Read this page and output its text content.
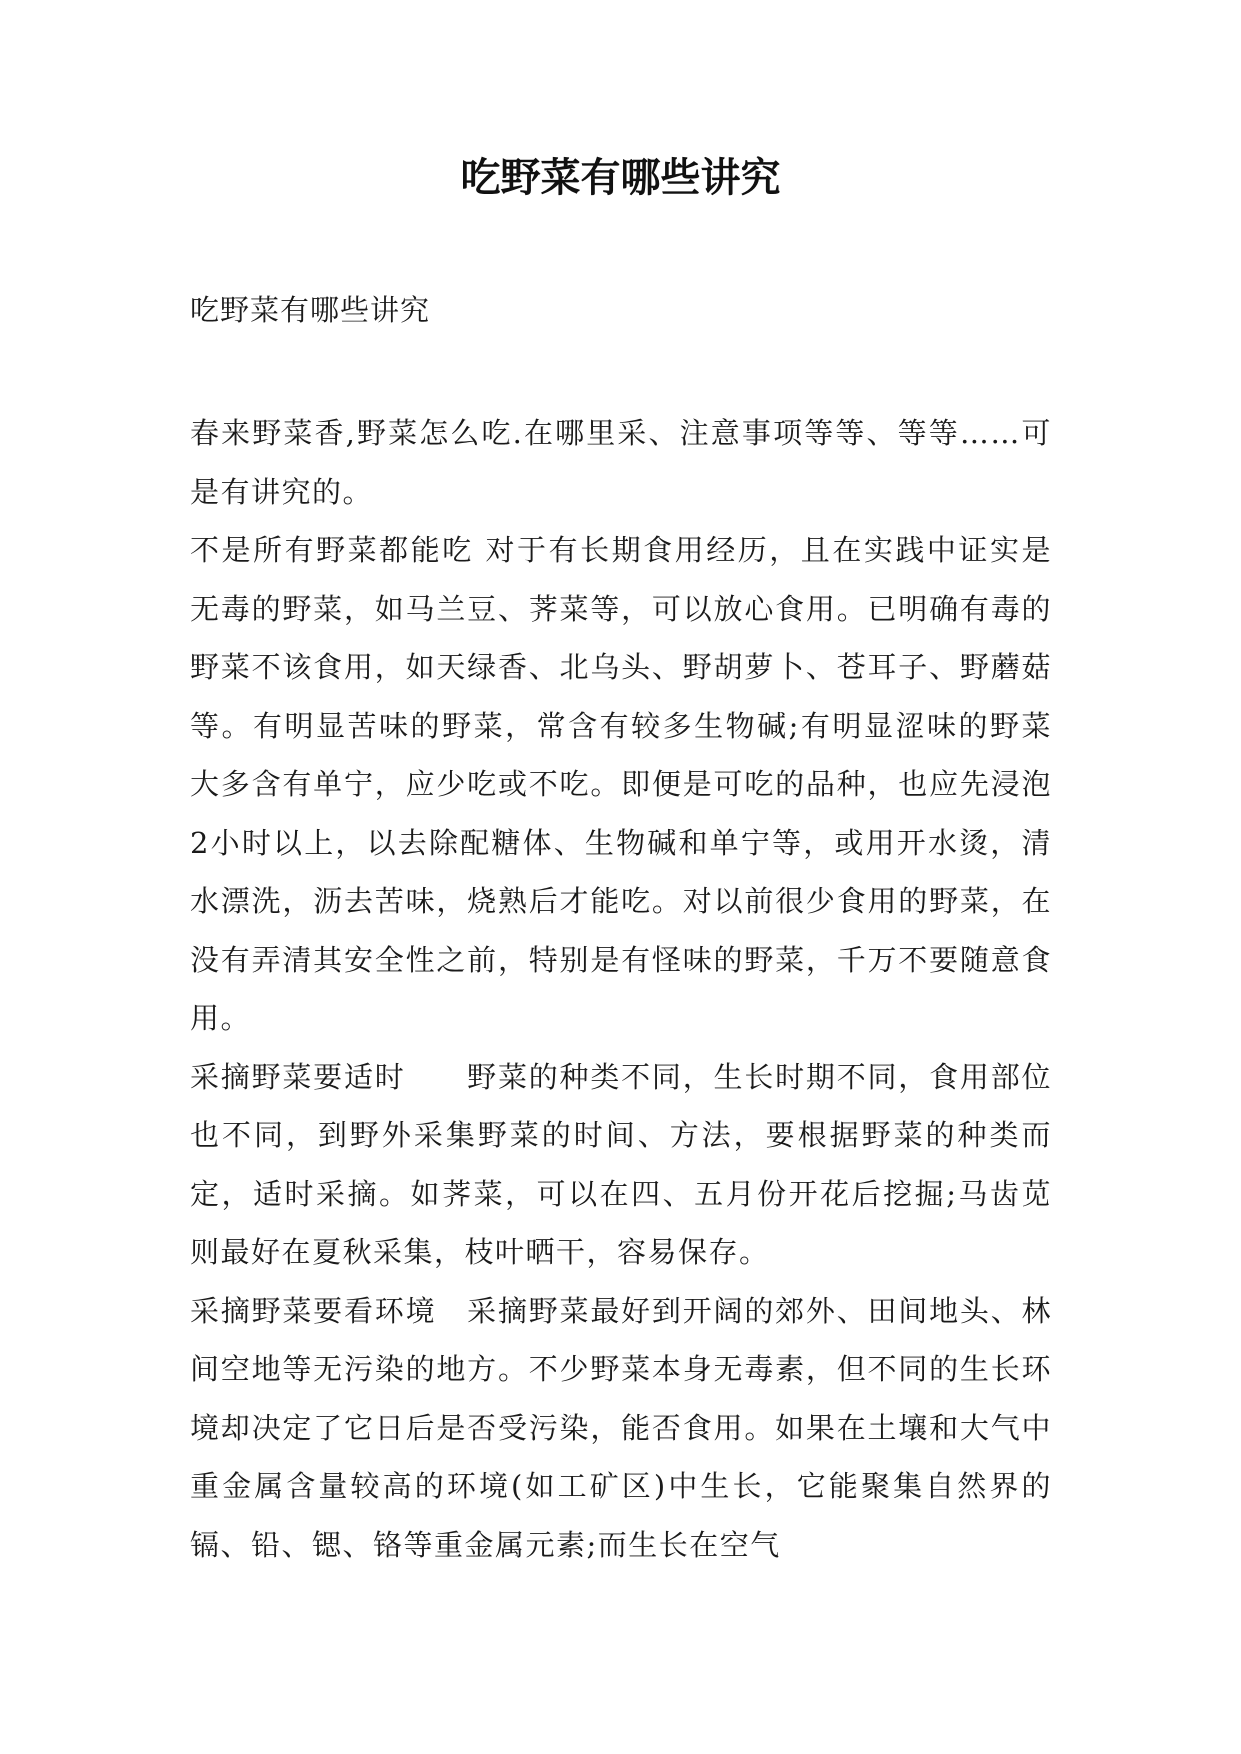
吃野菜有哪些讲究
吃野菜有哪些讲究

春来野菜香,野菜怎么吃.在哪里采、注意事项等等、等等……可是有讲究的。

不是所有野菜都能吃 对于有长期食用经历，且在实践中证实是无毒的野菜，如马兰豆、荠菜等，可以放心食用。已明确有毒的野菜不该食用，如天绿香、北乌头、野胡萝卜、苍耳子、野蘑菇等。有明显苦味的野菜，常含有较多生物碱;有明显涩味的野菜大多含有单宁，应少吃或不吃。即便是可吃的品种，也应先浸泡2小时以上，以去除配糖体、生物碱和单宁等，或用开水烫，清水漂洗，沥去苦味，烧熟后才能吃。对以前很少食用的野菜，在没有弄清其安全性之前，特别是有怪味的野菜，千万不要随意食用。

采摘野菜要适时　　野菜的种类不同，生长时期不同，食用部位也不同，到野外采集野菜的时间、方法，要根据野菜的种类而定，适时采摘。如荠菜，可以在四、五月份开花后挖掘;马齿苋则最好在夏秋采集，枝叶晒干，容易保存。

采摘野菜要看环境　采摘野菜最好到开阔的郊外、田间地头、林间空地等无污染的地方。不少野菜本身无毒素，但不同的生长环境却决定了它日后是否受污染，能否食用。如果在土壤和大气中重金属含量较高的环境(如工矿区)中生长，它能聚集自然界的镉、铅、锶、铬等重金属元素;而生长在空气
